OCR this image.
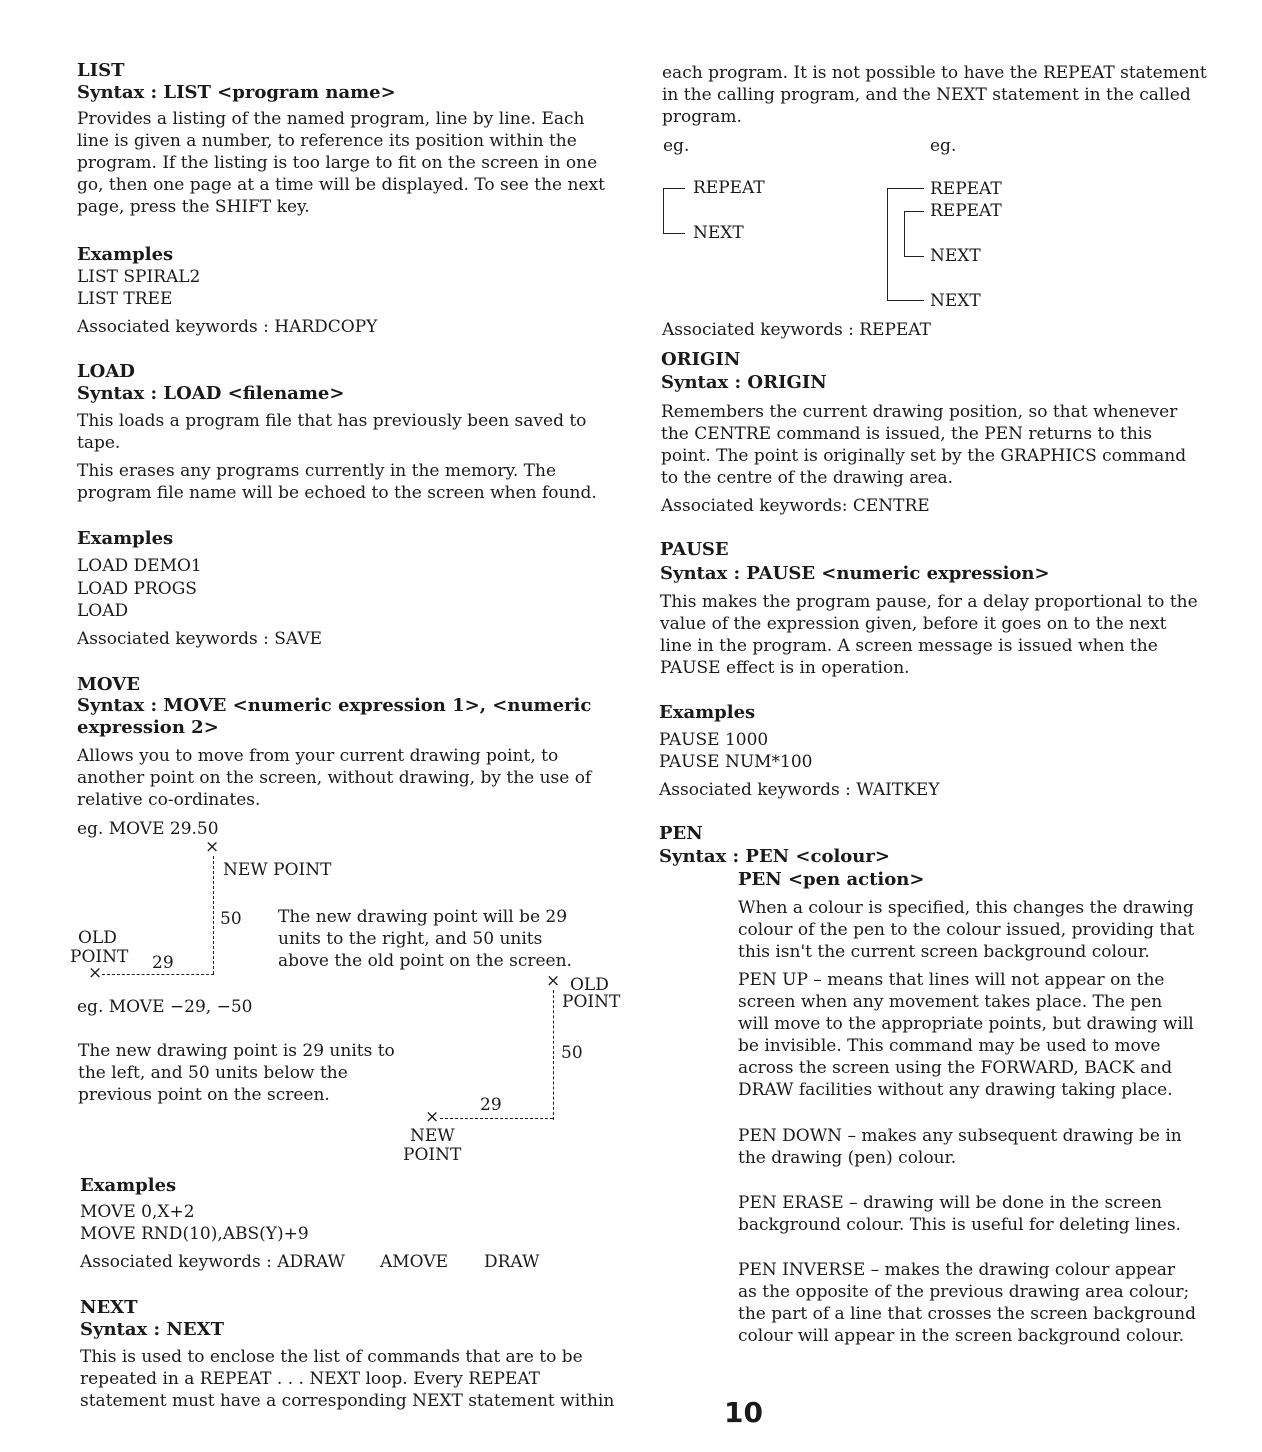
LIST
Syntax : LIST <program name>

Provides a listing of the named program, line by line. Each line is given a number, to reference its position within the program. If the listing is too large to fit on the screen in one go, then one page at a time will be displayed. To see the next page, press the SHIFT key.

Examples
LIST SPIRAL2
LIST TREE
Associated keywords : HARDCOPY
LOAD
Syntax : LOAD <filename>

This loads a program file that has previously been saved to tape.

This erases any programs currently in the memory. The program file name will be echoed to the screen when found.

Examples
LOAD DEMO1
LOAD PROGS
LOAD
Associated keywords : SAVE
MOVE
Syntax : MOVE <numeric expression 1>, <numeric expression 2>

Allows you to move from your current drawing point, to another point on the screen, without drawing, by the use of relative co-ordinates.

eg. MOVE 29.50
×
NEW POINT
50
OLD
POINT 29
×

The new drawing point will be 29 units to the right, and 50 units above the old point on the screen.

eg. MOVE −29, −50

The new drawing point is 29 units to the left, and 50 units below the previous point on the screen.

× OLD
POINT
50
29
×
NEW
POINT
Examples
MOVE 0,X+2
MOVE RND(10),ABS(Y)+9
Associated keywords : ADRAW AMOVE DRAW
NEXT
Syntax : NEXT

This is used to enclose the list of commands that are to be repeated in a REPEAT . . . NEXT loop. Every REPEAT statement must have a corresponding NEXT statement within

each program. It is not possible to have the REPEAT statement in the calling program, and the NEXT statement in the called program.

eg.	eg.
REPEAT
NEXT
REPEAT
REPEAT
NEXT
NEXT
Associated keywords : REPEAT
ORIGIN
Syntax : ORIGIN

Remembers the current drawing position, so that whenever the CENTRE command is issued, the PEN returns to this point. The point is originally set by the GRAPHICS command to the centre of the drawing area.

Associated keywords: CENTRE
PAUSE
Syntax : PAUSE <numeric expression>

This makes the program pause, for a delay proportional to the value of the expression given, before it goes on to the next line in the program. A screen message is issued when the PAUSE effect is in operation.

Examples
PAUSE 1000
PAUSE NUM*100
Associated keywords : WAITKEY
PEN
Syntax : PEN <colour>
PEN <pen action>

When a colour is specified, this changes the drawing colour of the pen to the colour issued, providing that this isn't the current screen background colour.

PEN UP – means that lines will not appear on the screen when any movement takes place. The pen will move to the appropriate points, but drawing will be invisible. This command may be used to move across the screen using the FORWARD, BACK and DRAW facilities without any drawing taking place.

PEN DOWN – makes any subsequent drawing be in the drawing (pen) colour.

PEN ERASE – drawing will be done in the screen background colour. This is useful for deleting lines.

PEN INVERSE – makes the drawing colour appear as the opposite of the previous drawing area colour; the part of a line that crosses the screen background colour will appear in the screen background colour.

10
